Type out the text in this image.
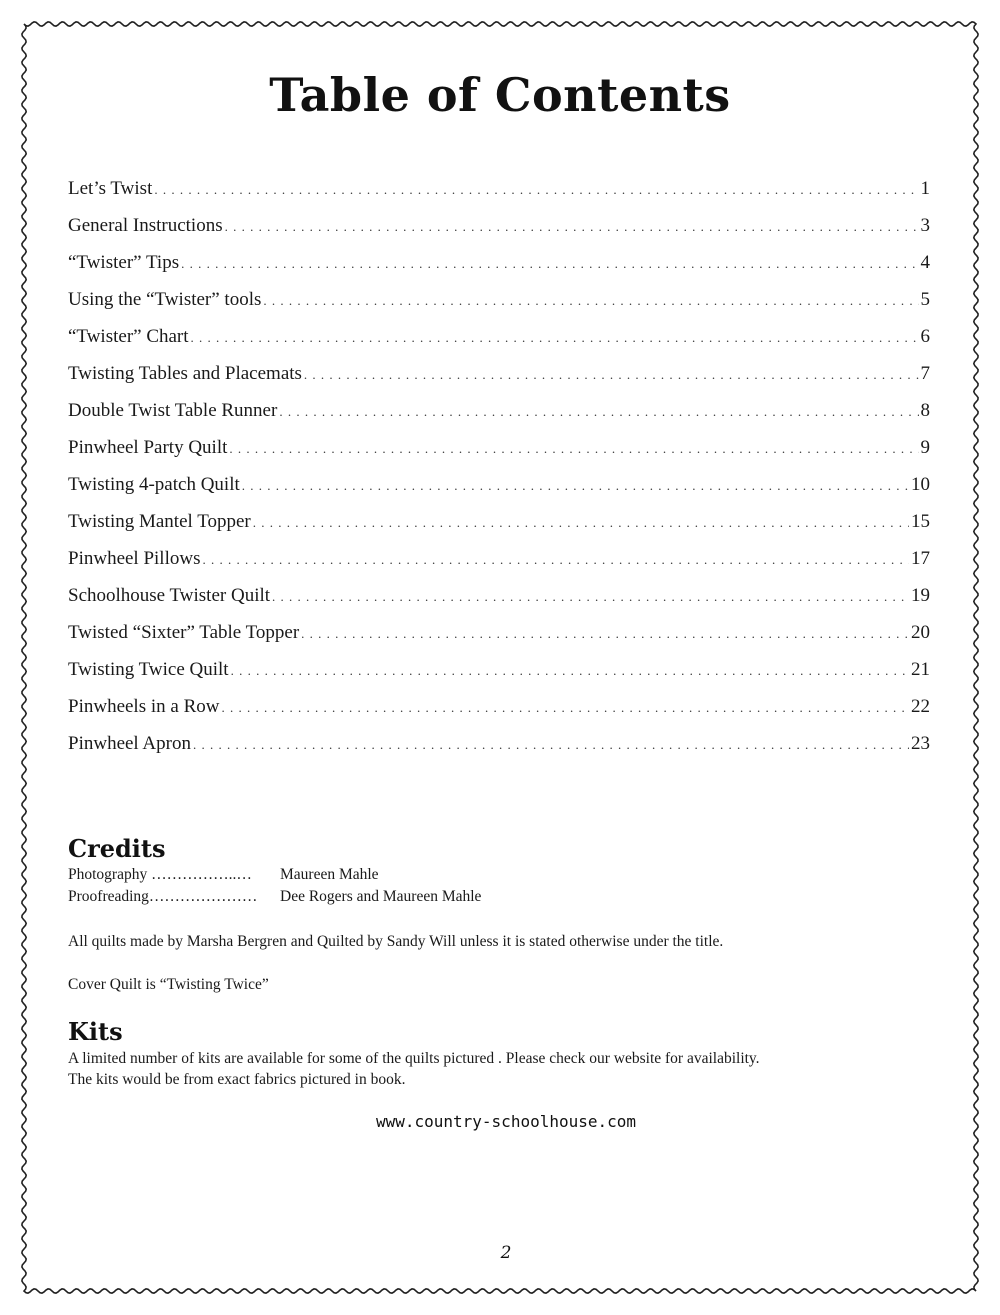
Table of Contents
Let’s Twist . . .	1
General Instructions . . .	3
“Twister” Tips . . .	4
Using the “Twister” tools . . .	5
“Twister” Chart . . .	6
Twisting Tables and Placemats . . .	7
Double Twist Table Runner . . .	8
Pinwheel Party Quilt . . .	9
Twisting 4-patch Quilt . . .	10
Twisting Mantel Topper . . .	15
Pinwheel Pillows . . .	17
Schoolhouse Twister Quilt . . .	19
Twisted “Sixter” Table Topper . . .	20
Twisting Twice Quilt . . .	21
Pinwheels in a Row . . .	22
Pinwheel Apron . . .	23
Credits
Photography ……………..… Maureen Mahle
Proofreading………………… Dee Rogers and Maureen Mahle

All quilts made by Marsha Bergren and Quilted by Sandy Will unless it is stated otherwise under the title.

Cover Quilt is “Twisting Twice”

Kits

A limited number of kits are available for some of the quilts pictured . Please check our website for availability.

The kits would be from exact fabrics pictured in book.

www.country-schoolhouse.com
2
